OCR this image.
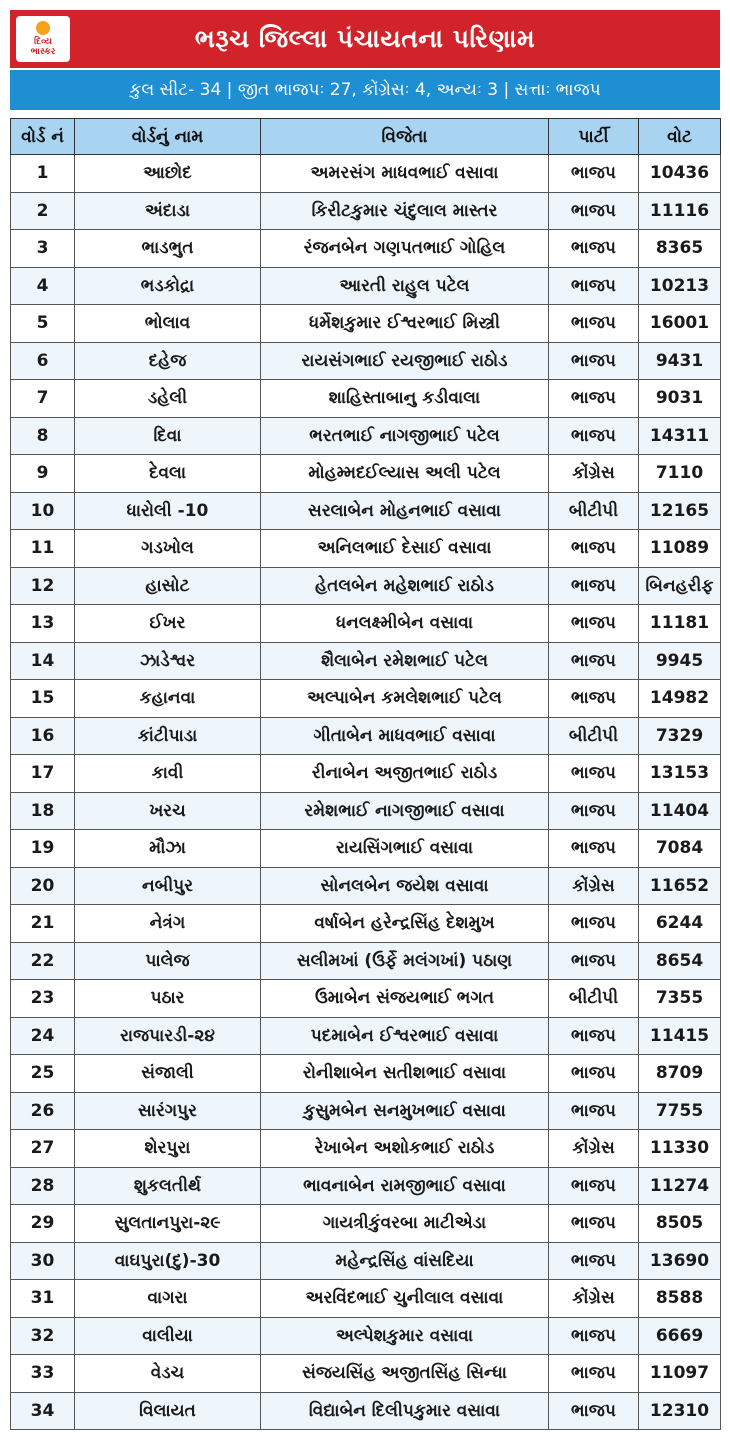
દિવ્ય
ભાસ્કર	ભરૂચ જિલ્લા પંચાયતના પરિણામ
કુલ સીટ- 34 | જીત ભાજપઃ 27, કોંગ્રેસઃ 4, અન્યઃ 3 | સત્તાઃ ભાજપ
વોર્ડ નં	વોર્ડનું નામ	વિજેતા	પાર્ટી	વોટ
1	આછોદ	અમરસંગ માધવભાઈ વસાવા	ભાજપ	10436
2	અંદાડા	કિરીટકુમાર ચંદુલાલ માસ્તર	ભાજપ	11116
3	ભાડભુત	રંજનબેન ગણપતભાઈ ગોહિલ	ભાજપ	8365
4	ભડકોદ્રા	આરતી રાહુલ પટેલ	ભાજપ	10213
5	ભોલાવ	ધર્મેશકુમાર ઈશ્વરભાઈ મિસ્ત્રી	ભાજપ	16001
6	દહેજ	રાયસંગભાઈ રયજીભાઈ રાઠોડ	ભાજપ	9431
7	ડહેલી	શાહિસ્તાબાનુ કડીવાલા	ભાજપ	9031
8	દિવા	ભરતભાઈ નાગજીભાઈ પટેલ	ભાજપ	14311
9	દેવલા	મોહમ્મદઈલ્યાસ અલી પટેલ	કોંગ્રેસ	7110
10	ધારોલી -10	સરલાબેન મોહનભાઈ વસાવા	બીટીપી	12165
11	ગડખોલ	અનિલભાઈ દેસાઈ વસાવા	ભાજપ	11089
12	હાસોટ	હેતલબેન મહેશભાઈ રાઠોડ	ભાજપ	બિનહરીફ
13	ઈખર	ધનલક્ષ્મીબેન વસાવા	ભાજપ	11181
14	ઝાડેશ્વર	શૈલાબેન રમેશભાઈ પટેલ	ભાજપ	9945
15	કહાનવા	અલ્પાબેન કમલેશભાઈ પટેલ	ભાજપ	14982
16	કાંટીપાડા	ગીતાબેન માધવભાઈ વસાવા	બીટીપી	7329
17	કાવી	રીનાબેન અજીતભાઈ રાઠોડ	ભાજપ	13153
18	ખરચ	રમેશભાઈ નાગજીભાઈ વસાવા	ભાજપ	11404
19	મૌઝા	રાયસિંગભાઈ વસાવા	ભાજપ	7084
20	નબીપુર	સોનલબેન જયેશ વસાવા	કોંગ્રેસ	11652
21	નેત્રંગ	વર્ષાબેન હરેન્દ્રસિંહ દેશમુખ	ભાજપ	6244
22	પાલેજ	સલીમખાં (ઉર્ફે મલંગખાં) પઠાણ	ભાજપ	8654
23	પઠાર	ઉમાબેન સંજયભાઈ ભગત	બીટીપી	7355
24	રાજપારડી-૨૪	પદમાબેન ઈશ્વરભાઈ વસાવા	ભાજપ	11415
25	સંજાલી	રોનીશાબેન સતીશભાઈ વસાવા	ભાજપ	8709
26	સારંગપુર	કુસુમબેન સનમુખભાઈ વસાવા	ભાજપ	7755
27	શેરપુરા	રેખાબેન અશોકભાઈ રાઠોડ	કોંગ્રેસ	11330
28	શુકલતીર્થ	ભાવનાબેન રામજીભાઈ વસાવા	ભાજપ	11274
29	સુલતાનપુરા-૨૯	ગાયત્રીકુંવરબા માટીએડા	ભાજપ	8505
30	વાઘપુરા(દુ)-30	મહેન્દ્રસિંહ વાંસદિયા	ભાજપ	13690
31	વાગરા	અરવિંદભાઈ ચુનીલાલ વસાવા	કોંગ્રેસ	8588
32	વાલીયા	અલ્પેશકુમાર વસાવા	ભાજપ	6669
33	વેડચ	સંજયસિંહ અજીતસિંહ સિન્ધા	ભાજપ	11097
34	વિલાયત	વિદ્યાબેન દિલીપકુમાર વસાવા	ભાજપ	12310
